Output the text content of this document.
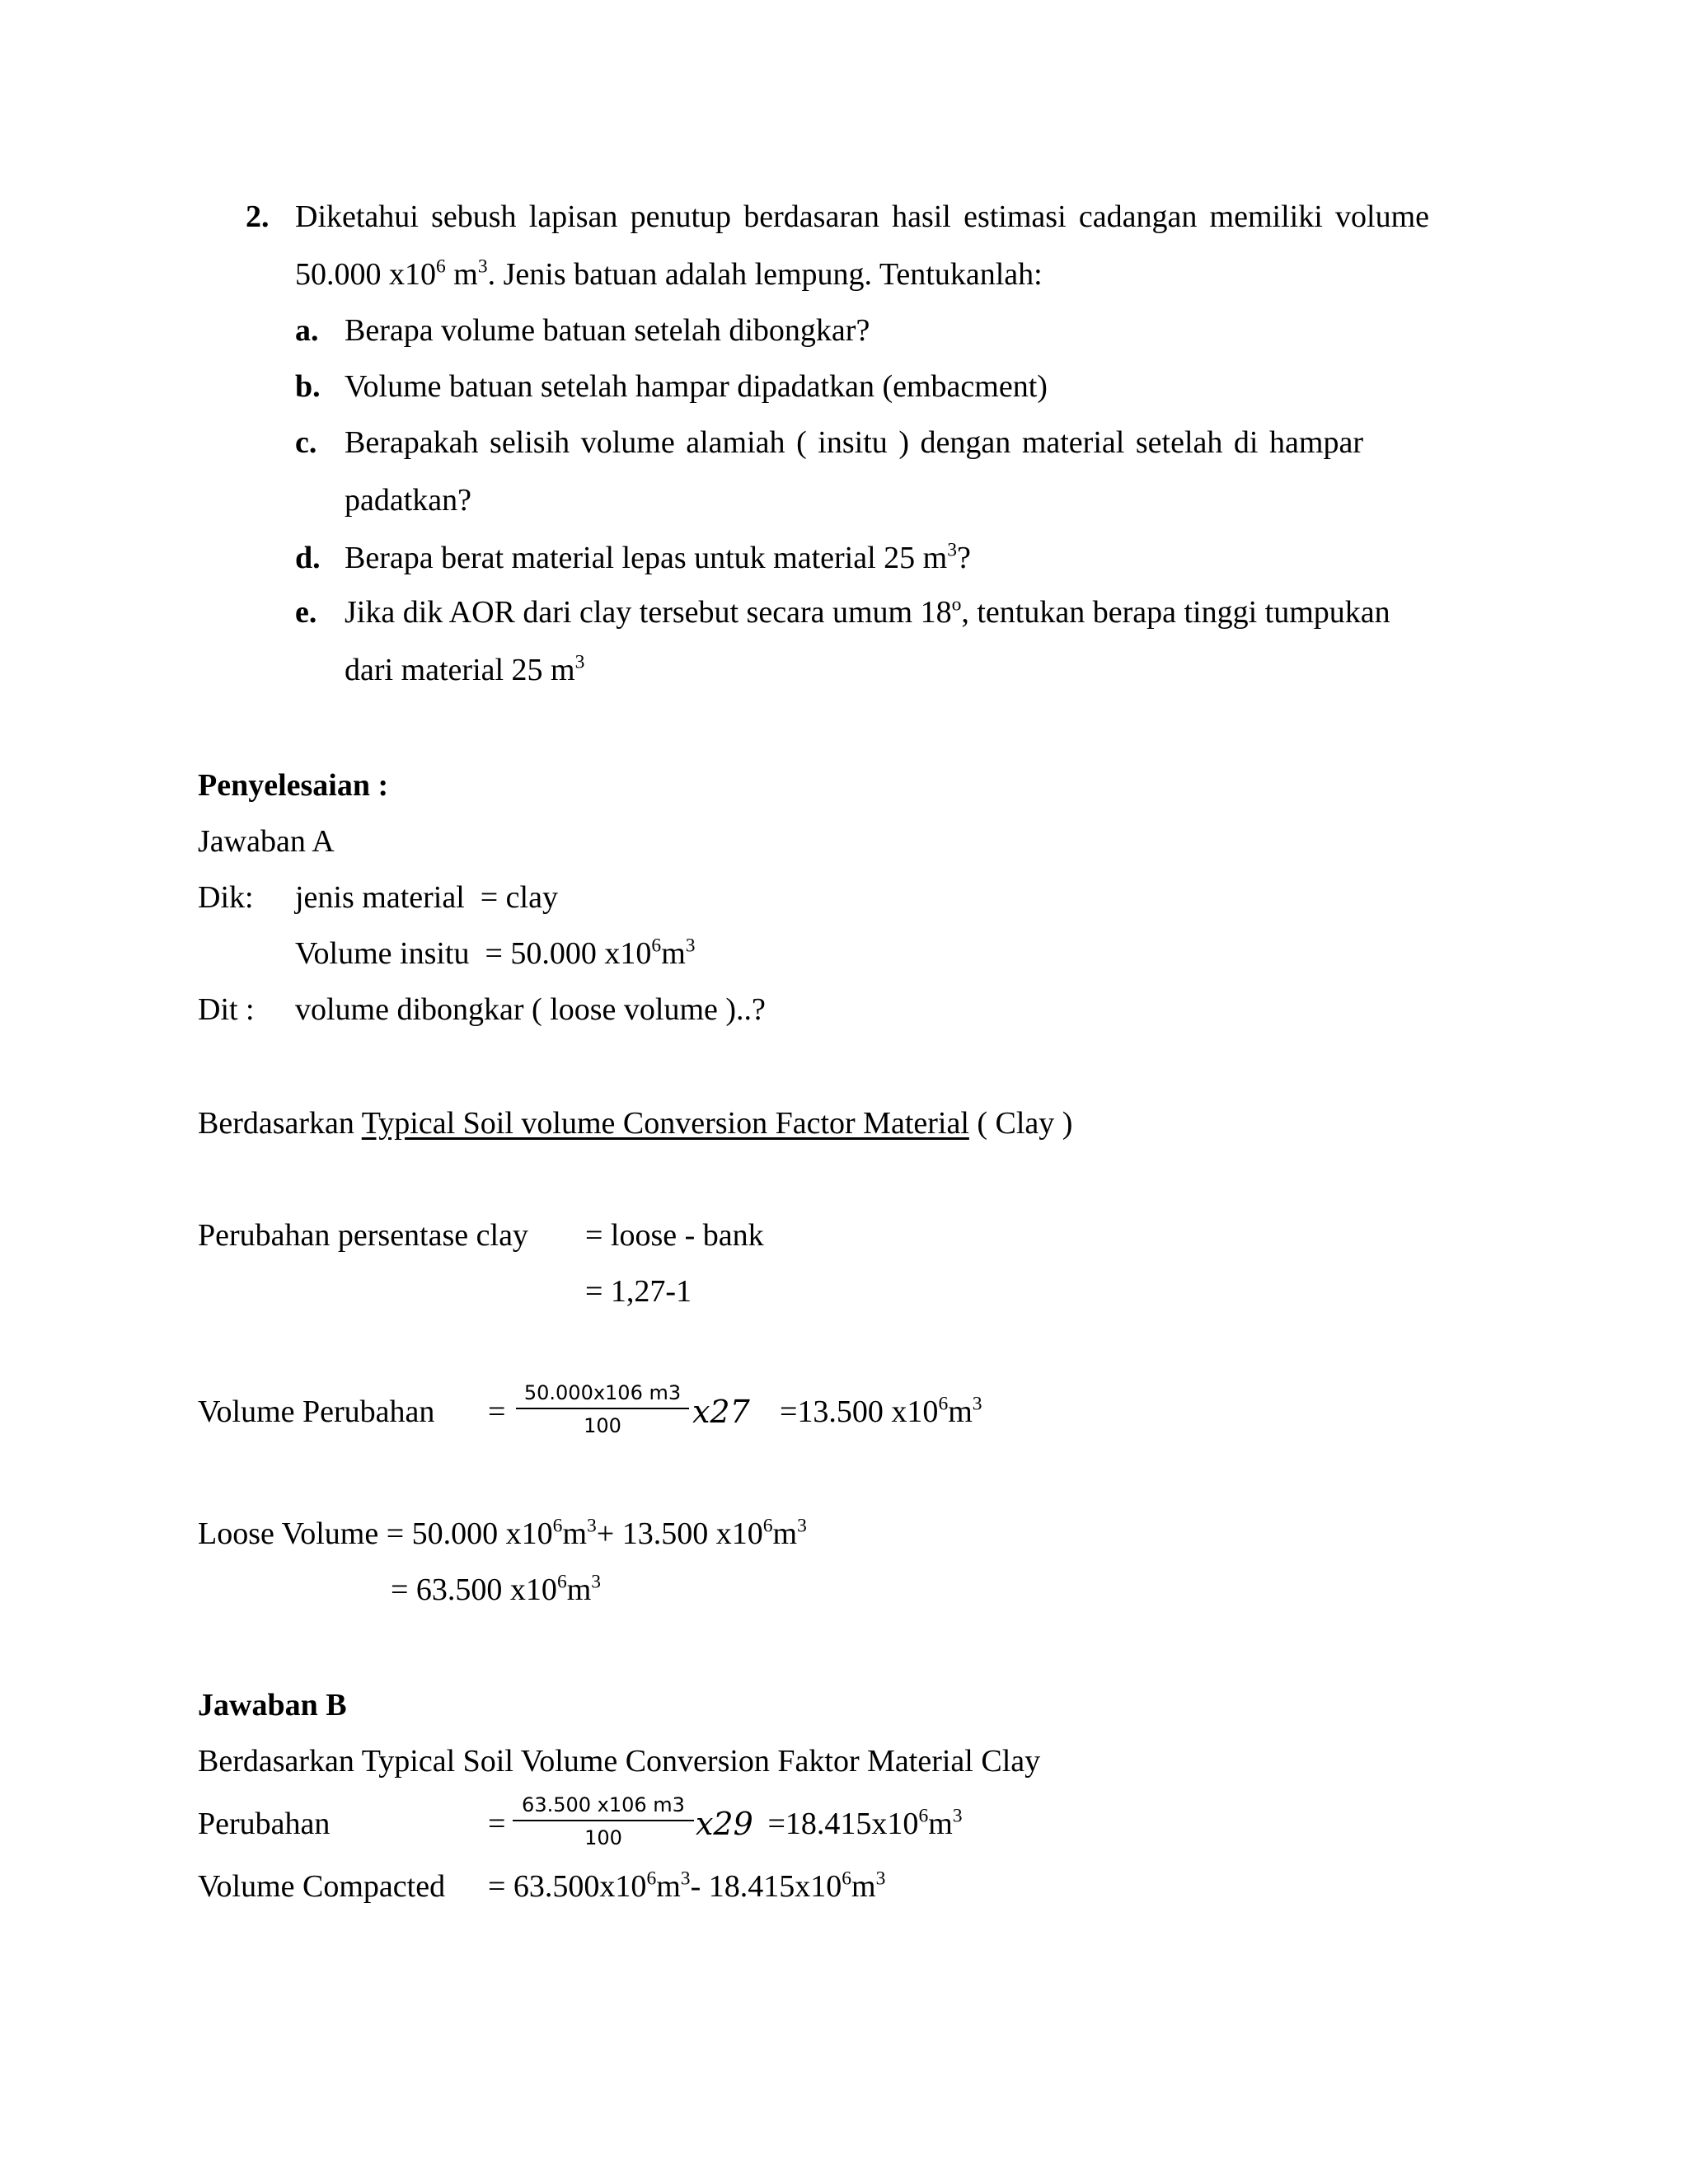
2. Diketahui sebush lapisan penutup berdasaran hasil estimasi cadangan memiliki volume
50.000 $x10^6$ $m^3$. Jenis batuan adalah lempung. Tentukanlah:
a. Berapa volume batuan setelah dibongkar?
b. Volume batuan setelah hampar dipadatkan (embacment)
c. Berapakah selisih volume alamiah ( insitu ) dengan material setelah di hampar
padatkan?
d. Berapa berat material lepas untuk material 25 $m^3$?
e. Jika dik AOR dari clay tersebut secara umum 18$^o$, tentukan berapa tinggi tumpukan
dari material 25 $m^3$
Penyelesaian :
Jawaban A
Dik: jenis material  = clay
Volume insitu  = 50.000 $x10^6m^3$
Dit : volume dibongkar ( loose volume )..?
Berdasarkan Typical Soil volume Conversion Factor Material ( Clay )
Perubahan persentase clay = loose - bank
= 1,27-1
Volume Perubahan = $\frac{50.000x106 m3}{100} x27 =13.500$ $x10^6m^3$
Loose Volume = 50.000 $x10^6m^3+ 13.500$ $x10^6m^3$
= 63.500 $x10^6m^3$
Jawaban B
Berdasarkan Typical Soil Volume Conversion Faktor Material Clay
Perubahan	= $\frac{63.500 x106 m3}{100} x29 =18.415x10^6m^3$
Volume Compacted = $63.500x10^6m^3-$ $18.415x10^6m^3$
